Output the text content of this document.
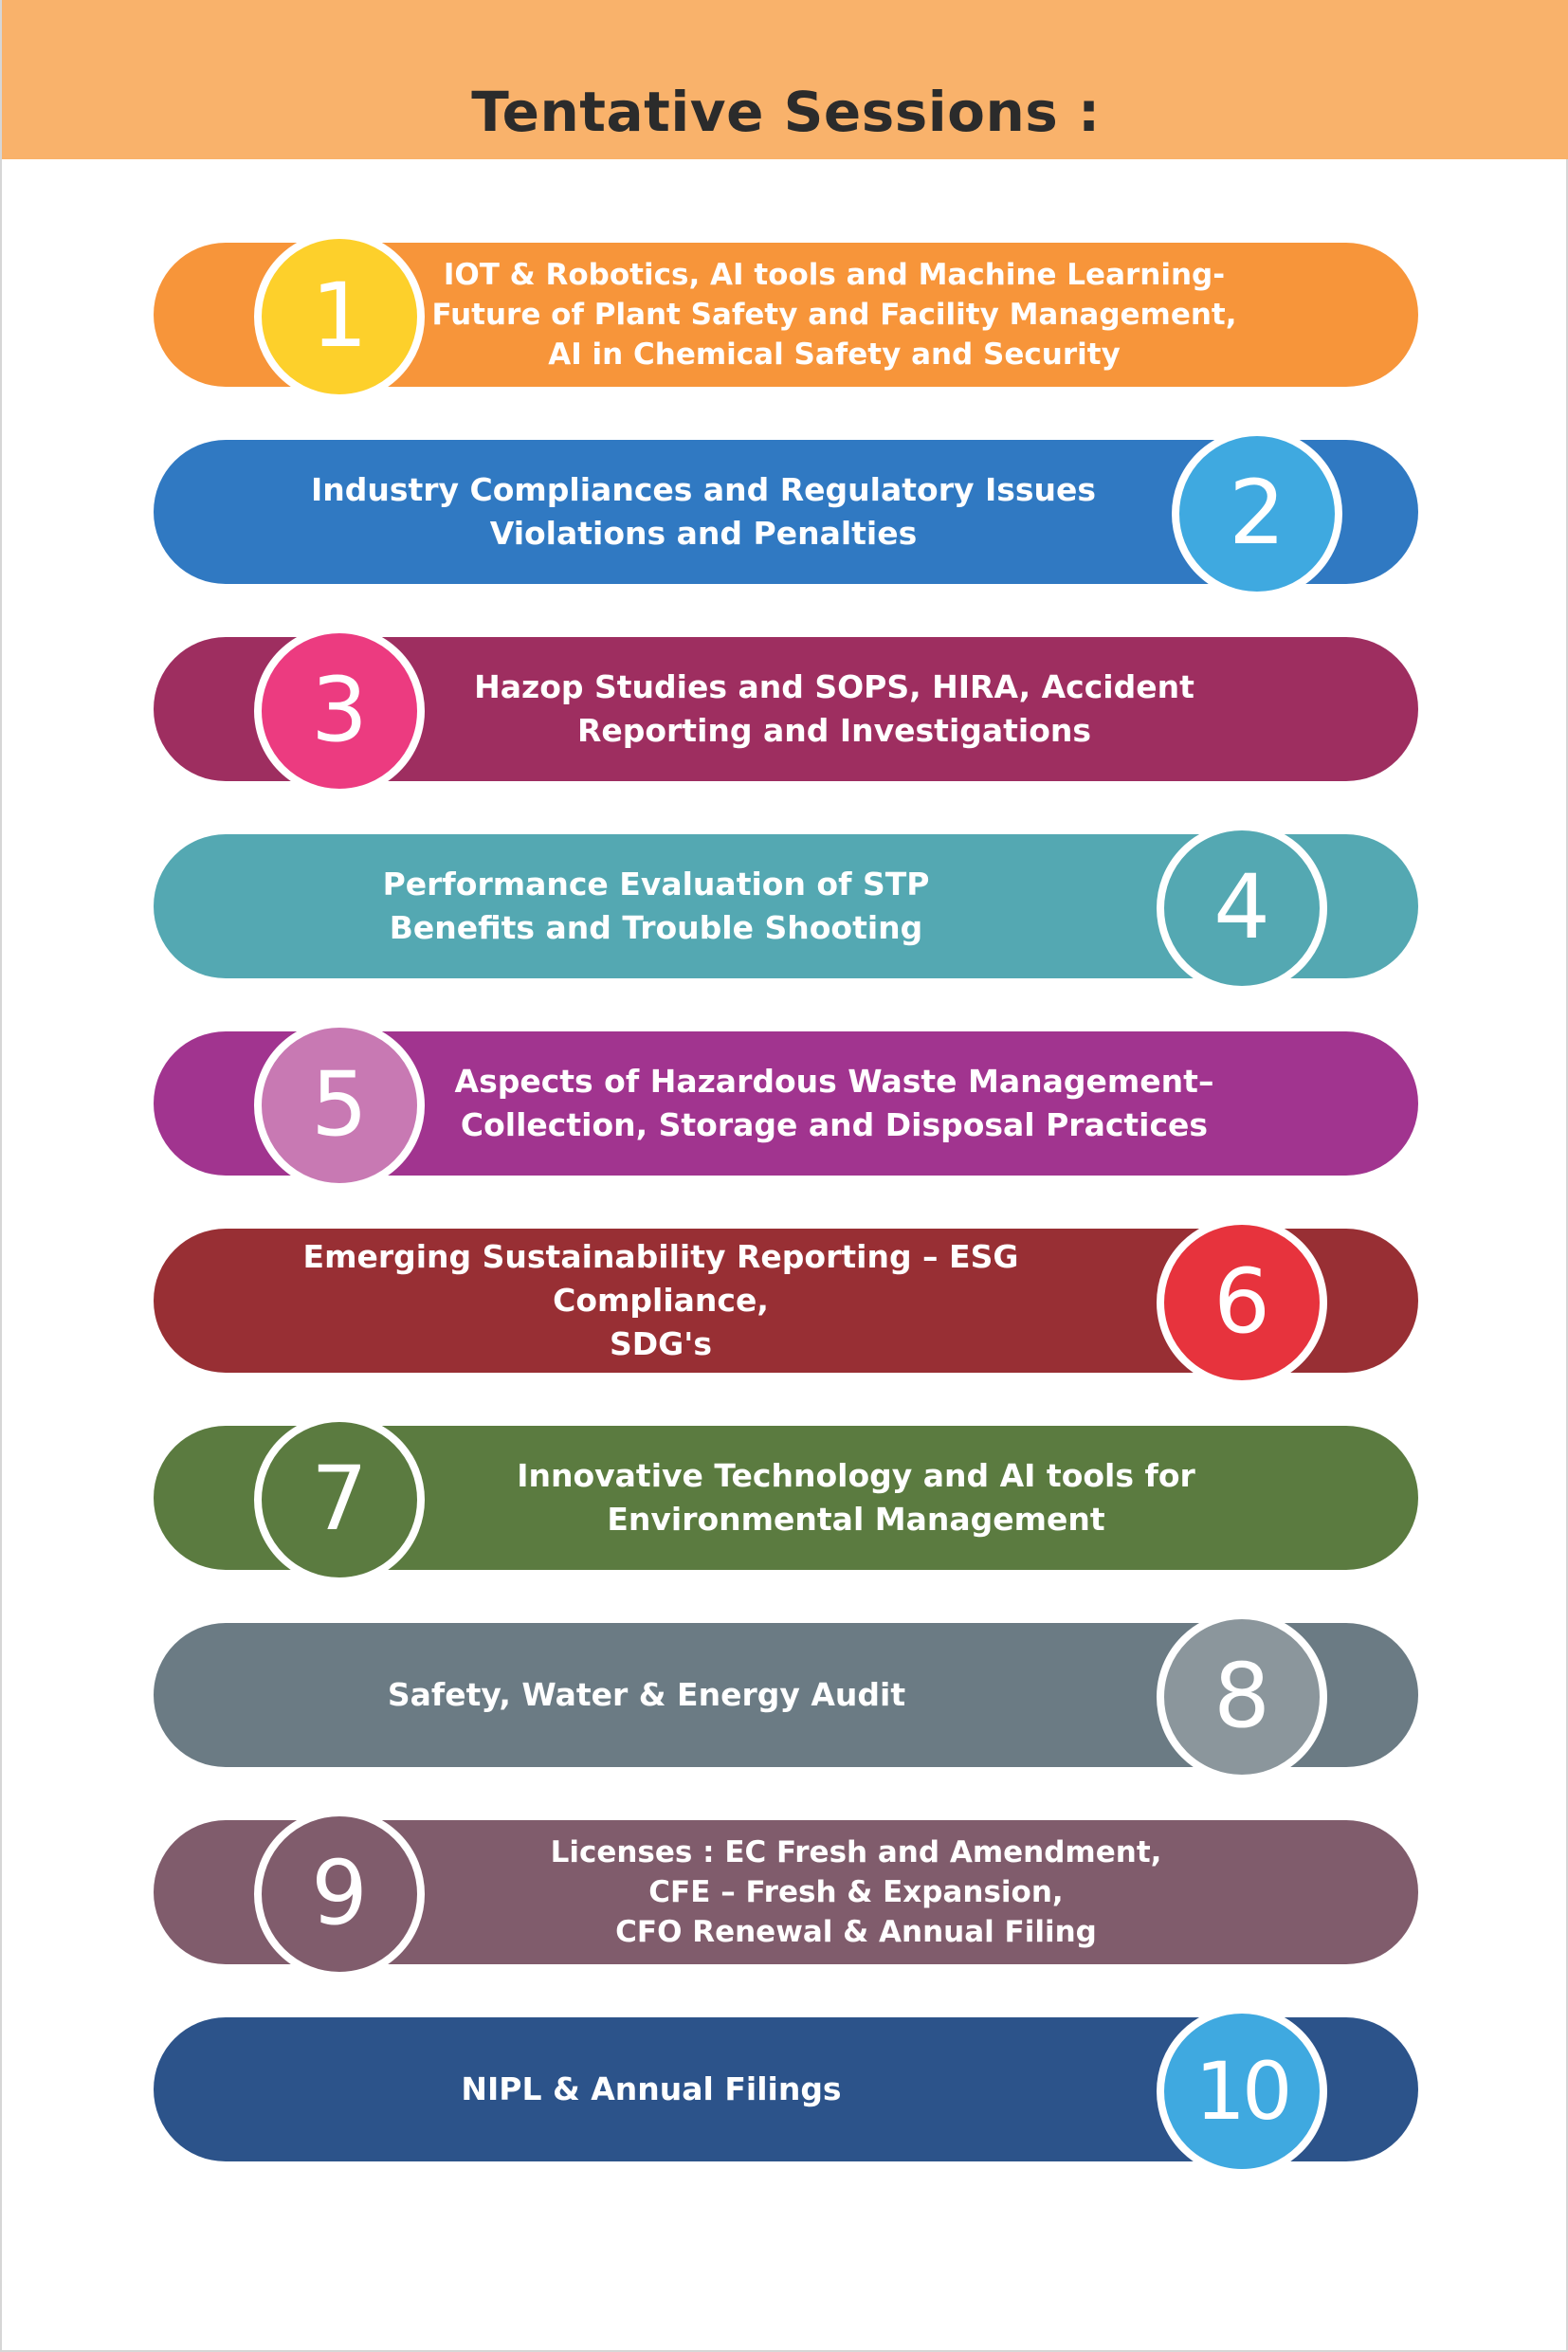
Tentative Sessions :
1	IOT & Robotics, AI tools and Machine Learning-
Future of Plant Safety and Facility Management,
AI in Chemical Safety and Security
Industry Compliances and Regulatory Issues
Violations and Penalties	2
3	Hazop Studies and SOPS, HIRA, Accident
Reporting and Investigations
Performance Evaluation of STP
Benefits and Trouble Shooting	4
5	Aspects of Hazardous Waste Management–
Collection, Storage and Disposal Practices
Emerging Sustainability Reporting – ESG Compliance,
SDG's	6
7	Innovative Technology and AI tools for
Environmental Management
Safety, Water & Energy Audit	8
9	Licenses : EC Fresh and Amendment,
CFE – Fresh & Expansion,
CFO Renewal & Annual Filing
NIPL & Annual Filings	10
